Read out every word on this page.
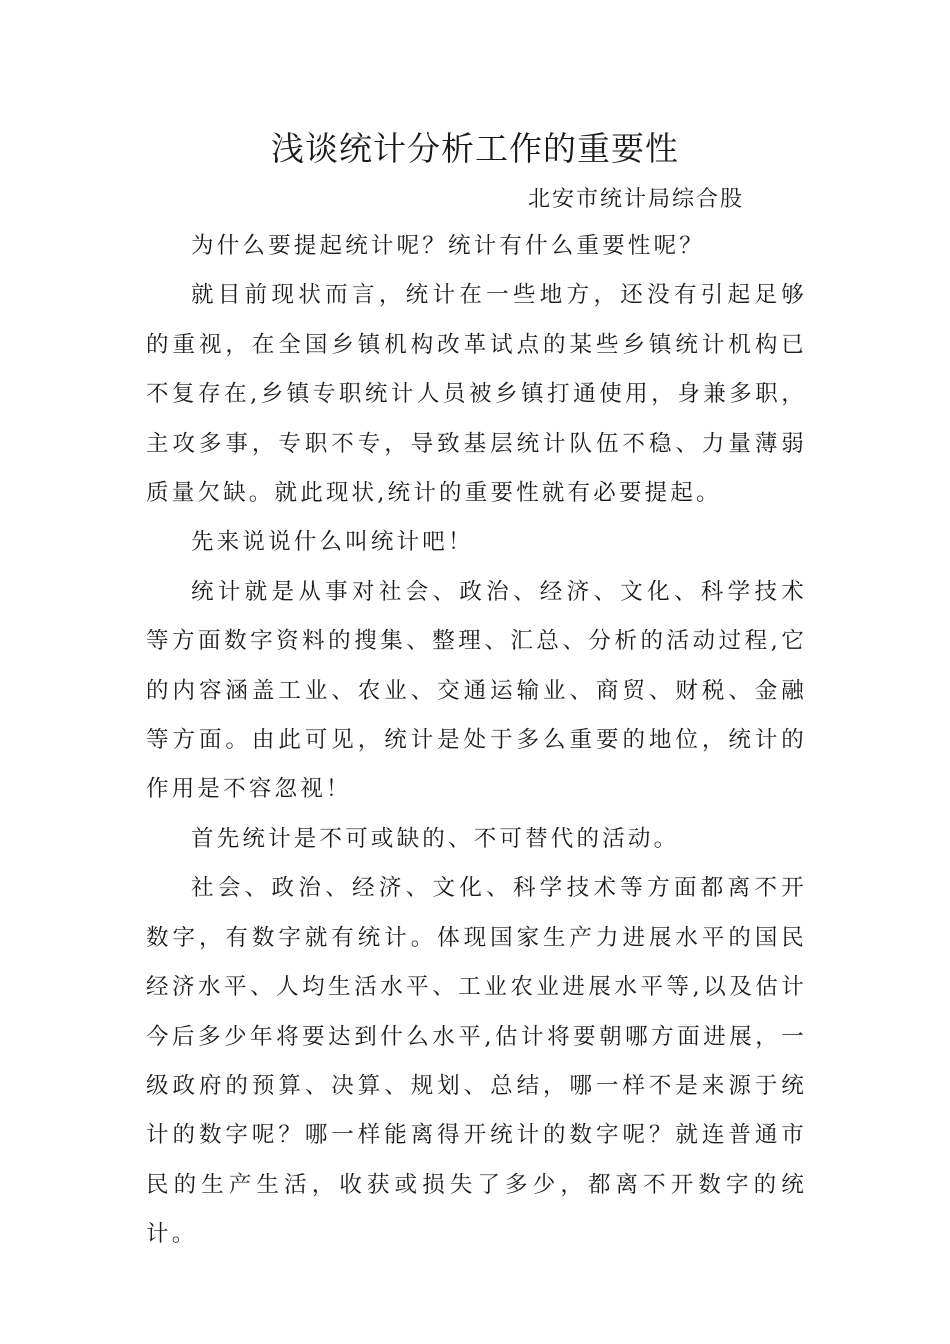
浅谈统计分析工作的重要性
北安市统计局综合股

为什么要提起统计呢？统计有什么重要性呢？

就目前现状而言，统计在一些地方，还没有引起足够的重视，在全国乡镇机构改革试点的某些乡镇统计机构已不复存在,乡镇专职统计人员被乡镇打通使用，身兼多职，主攻多事，专职不专，导致基层统计队伍不稳、力量薄弱质量欠缺。就此现状,统计的重要性就有必要提起。

先来说说什么叫统计吧！

统计就是从事对社会、政治、经济、文化、科学技术等方面数字资料的搜集、整理、汇总、分析的活动过程,它的内容涵盖工业、农业、交通运输业、商贸、财税、金融等方面。由此可见，统计是处于多么重要的地位，统计的作用是不容忽视！

首先统计是不可或缺的、不可替代的活动。

社会、政治、经济、文化、科学技术等方面都离不开数字，有数字就有统计。体现国家生产力进展水平的国民经济水平、人均生活水平、工业农业进展水平等,以及估计今后多少年将要达到什么水平,估计将要朝哪方面进展，一级政府的预算、决算、规划、总结，哪一样不是来源于统计的数字呢？哪一样能离得开统计的数字呢？就连普通市民的生产生活，收获或损失了多少，都离不开数字的统计。
